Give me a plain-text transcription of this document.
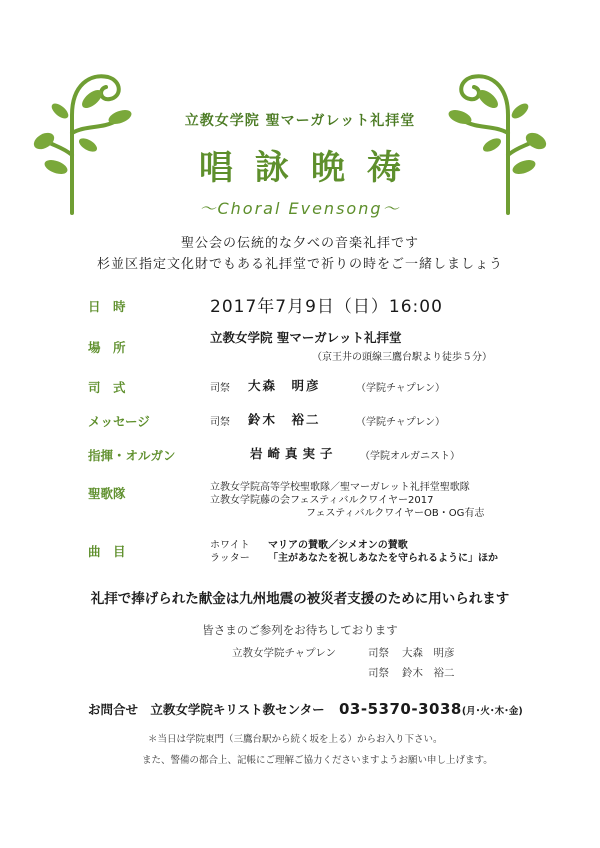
立教女学院 聖マーガレット礼拝堂
唱詠晩祷
〜Choral Evensong〜
聖公会の伝統的な夕べの音楽礼拝です
杉並区指定文化財でもある礼拝堂で祈りの時をご一緒しましょう
日　時	2017年7月9日（日）16:00
場　所
立教女学院 聖マーガレット礼拝堂
（京王井の頭線三鷹台駅より徒歩５分）
司　式	司祭 大森　明彦	（学院チャプレン）
メッセージ	司祭 鈴木　裕二	（学院チャプレン）
指揮・オルガン	岩崎真実子 （学院オルガニスト）
聖歌隊	立教女学院高等学校聖歌隊／聖マーガレット礼拝堂聖歌隊
立教女学院藤の会フェスティバルクワイヤー2017
フェスティバルクワイヤーOB・OG有志
曲　目	ホワイト マリアの賛歌／シメオンの賛歌
ラッター 「主があなたを祝しあなたを守られるように」ほか
礼拝で捧げられた献金は九州地震の被災者支援のために用いられます
皆さまのご参列をお待ちしております
立教女学院チャプレン	司祭 大森　明彦
司祭 鈴木　裕二
お問合せ 立教女学院キリスト教センター 03-5370-3038(月･火･木･金)
＊当日は学院東門（三鷹台駅から続く坂を上る）からお入り下さい。
また、警備の都合上、記帳にご理解ご協力くださいますようお願い申し上げます。
